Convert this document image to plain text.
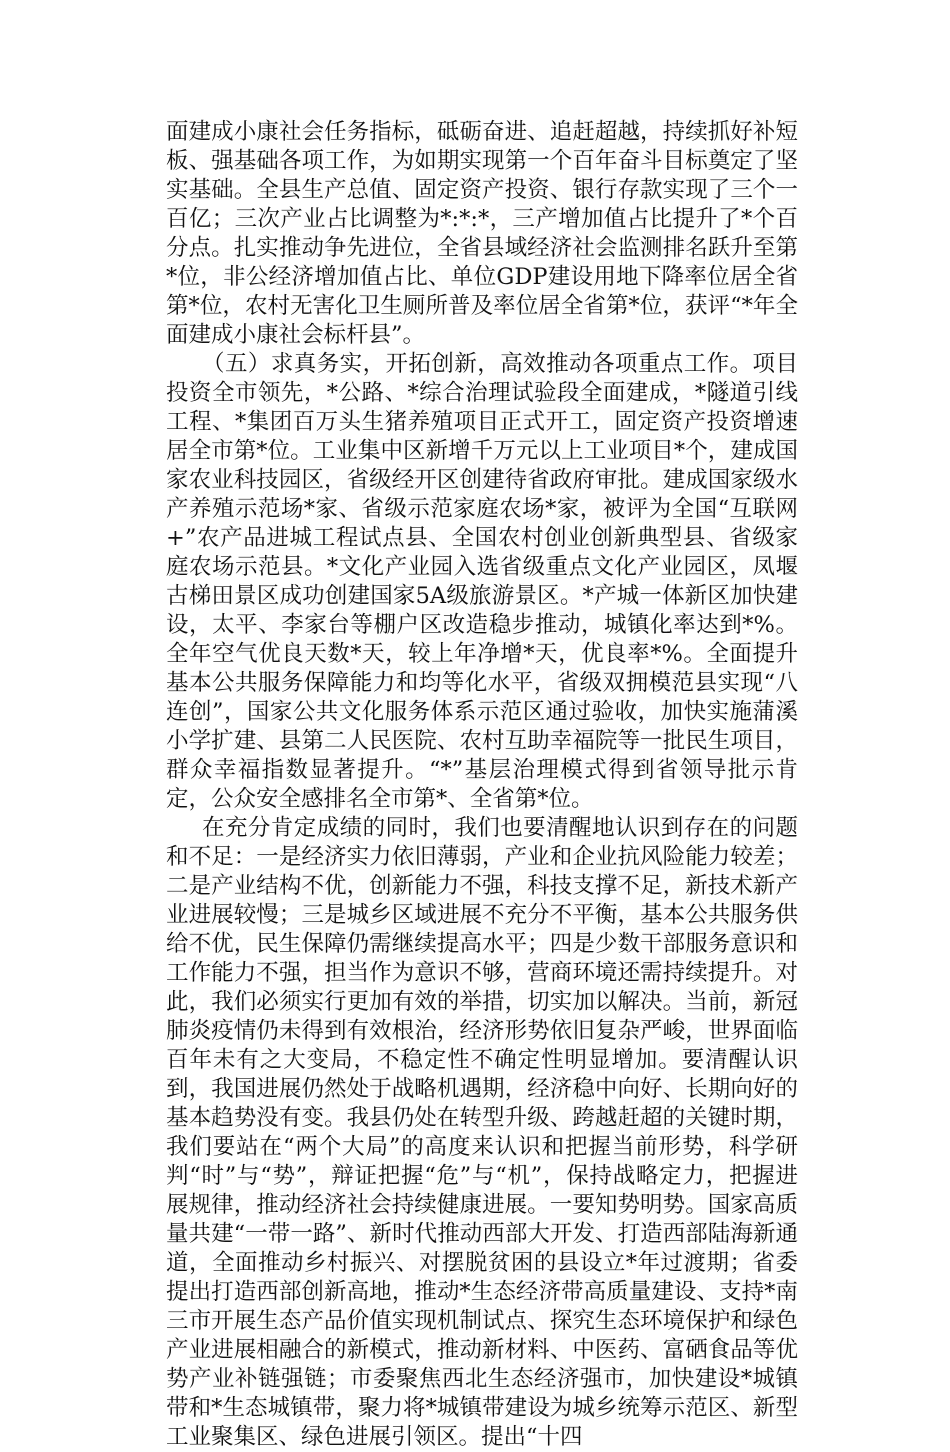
面建成小康社会任务指标，砥砺奋进、追赶超越，持续抓好补短板、强基础各项工作，为如期实现第一个百年奋斗目标奠定了坚实基础。全县生产总值、固定资产投资、银行存款实现了三个一百亿；三次产业占比调整为*:*:*，三产增加值占比提升了*个百分点。扎实推动争先进位，全省县域经济社会监测排名跃升至第*位，非公经济增加值占比、单位GDP建设用地下降率位居全省第*位，农村无害化卫生厕所普及率位居全省第*位，获评“*年全面建成小康社会标杆县”。

（五）求真务实，开拓创新，高效推动各项重点工作。项目投资全市领先，*公路、*综合治理试验段全面建成，*隧道引线工程、*集团百万头生猪养殖项目正式开工，固定资产投资增速居全市第*位。工业集中区新增千万元以上工业项目*个，建成国家农业科技园区，省级经开区创建待省政府审批。建成国家级水产养殖示范场*家、省级示范家庭农场*家，被评为全国“互联网+”农产品进城工程试点县、全国农村创业创新典型县、省级家庭农场示范县。*文化产业园入选省级重点文化产业园区，凤堰古梯田景区成功创建国家5A级旅游景区。*产城一体新区加快建设，太平、李家台等棚户区改造稳步推动，城镇化率达到*%。全年空气优良天数*天，较上年净增*天，优良率*%。全面提升基本公共服务保障能力和均等化水平，省级双拥模范县实现“八连创”，国家公共文化服务体系示范区通过验收，加快实施蒲溪小学扩建、县第二人民医院、农村互助幸福院等一批民生项目，群众幸福指数显著提升。“*”基层治理模式得到省领导批示肯定，公众安全感排名全市第*、全省第*位。

在充分肯定成绩的同时，我们也要清醒地认识到存在的问题和不足：一是经济实力依旧薄弱，产业和企业抗风险能力较差；二是产业结构不优，创新能力不强，科技支撑不足，新技术新产业进展较慢；三是城乡区域进展不充分不平衡，基本公共服务供给不优，民生保障仍需继续提高水平；四是少数干部服务意识和工作能力不强，担当作为意识不够，营商环境还需持续提升。对此，我们必须实行更加有效的举措，切实加以解决。当前，新冠肺炎疫情仍未得到有效根治，经济形势依旧复杂严峻，世界面临百年未有之大变局，不稳定性不确定性明显增加。要清醒认识到，我国进展仍然处于战略机遇期，经济稳中向好、长期向好的基本趋势没有变。我县仍处在转型升级、跨越赶超的关键时期，我们要站在“两个大局”的高度来认识和把握当前形势，科学研判“时”与“势”，辩证把握“危”与“机”，保持战略定力，把握进展规律，推动经济社会持续健康进展。一要知势明势。国家高质量共建“一带一路”、新时代推动西部大开发、打造西部陆海新通道，全面推动乡村振兴、对摆脱贫困的县设立*年过渡期；省委提出打造西部创新高地，推动*生态经济带高质量建设、支持*南三市开展生态产品价值实现机制试点、探究生态环境保护和绿色产业进展相融合的新模式，推动新材料、中医药、富硒食品等优势产业补链强链；市委聚焦西北生态经济强市，加快建设*城镇带和*生态城镇带，聚力将*城镇带建设为城乡统筹示范区、新型工业聚集区、绿色进展引领区。提出“十四
